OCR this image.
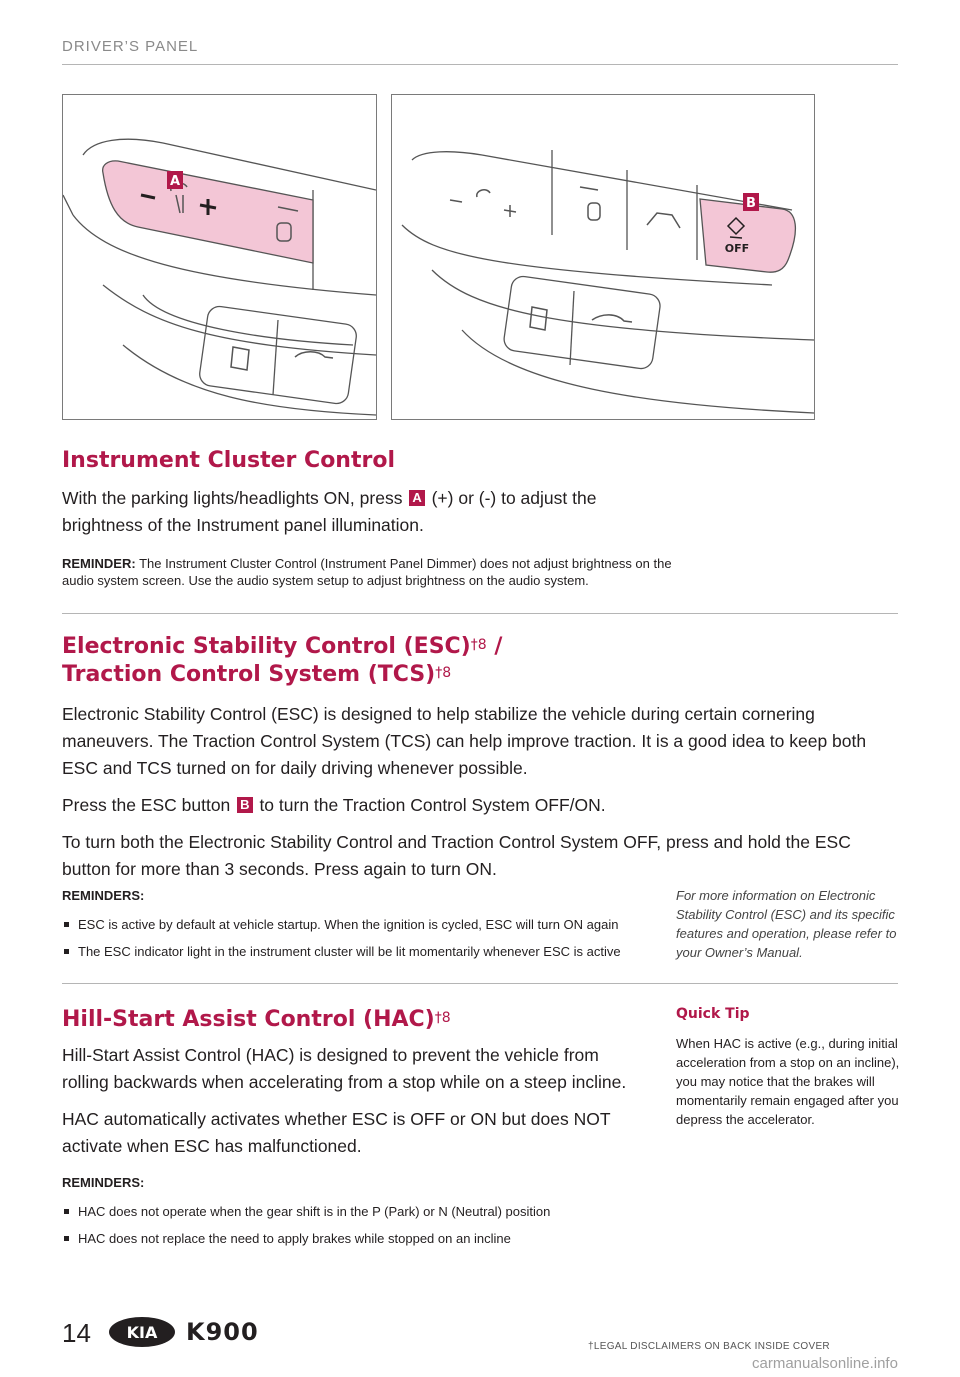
DRIVER’S PANEL
A
OFF
B
Instrument Cluster Control

With the parking lights/headlights ON, press A (+) or (-) to adjust the brightness of the Instrument panel illumination.

REMINDER: The Instrument Cluster Control (Instrument Panel Dimmer) does not adjust brightness on the audio system screen. Use the audio system setup to adjust brightness on the audio system.

Electronic Stability Control (ESC)$^{\dagger 8}$ /
Traction Control System (TCS)$^{\dagger 8}$

Electronic Stability Control (ESC) is designed to help stabilize the vehicle during certain cornering maneuvers. The Traction Control System (TCS) can help improve traction. It is a good idea to keep both ESC and TCS turned on for daily driving whenever possible.

Press the ESC button B to turn the Traction Control System OFF/ON.

To turn both the Electronic Stability Control and Traction Control System OFF, press and hold the ESC button for more than 3 seconds. Press again to turn ON.

REMINDERS:
ESC is active by default at vehicle startup. When the ignition is cycled, ESC will turn ON again
The ESC indicator light in the instrument cluster will be lit momentarily whenever ESC is active
For more information on Electronic Stability Control (ESC) and its specific features and operation, please refer to your Owner’s Manual.
Hill-Start Assist Control (HAC)$^{\dagger 8}$

Hill-Start Assist Control (HAC) is designed to prevent the vehicle from rolling backwards when accelerating from a stop while on a steep incline.

HAC automatically activates whether ESC is OFF or ON but does NOT activate when ESC has malfunctioned.

REMINDERS:
HAC does not operate when the gear shift is in the P (Park) or N (Neutral) position
HAC does not replace the need to apply brakes while stopped on an incline
Quick Tip
When HAC is active (e.g., during initial acceleration from a stop on an incline), you may notice that the brakes will momentarily remain engaged after you depress the accelerator.
14 KIA K900
†LEGAL DISCLAIMERS ON BACK INSIDE COVER
carmanualsonline.info
